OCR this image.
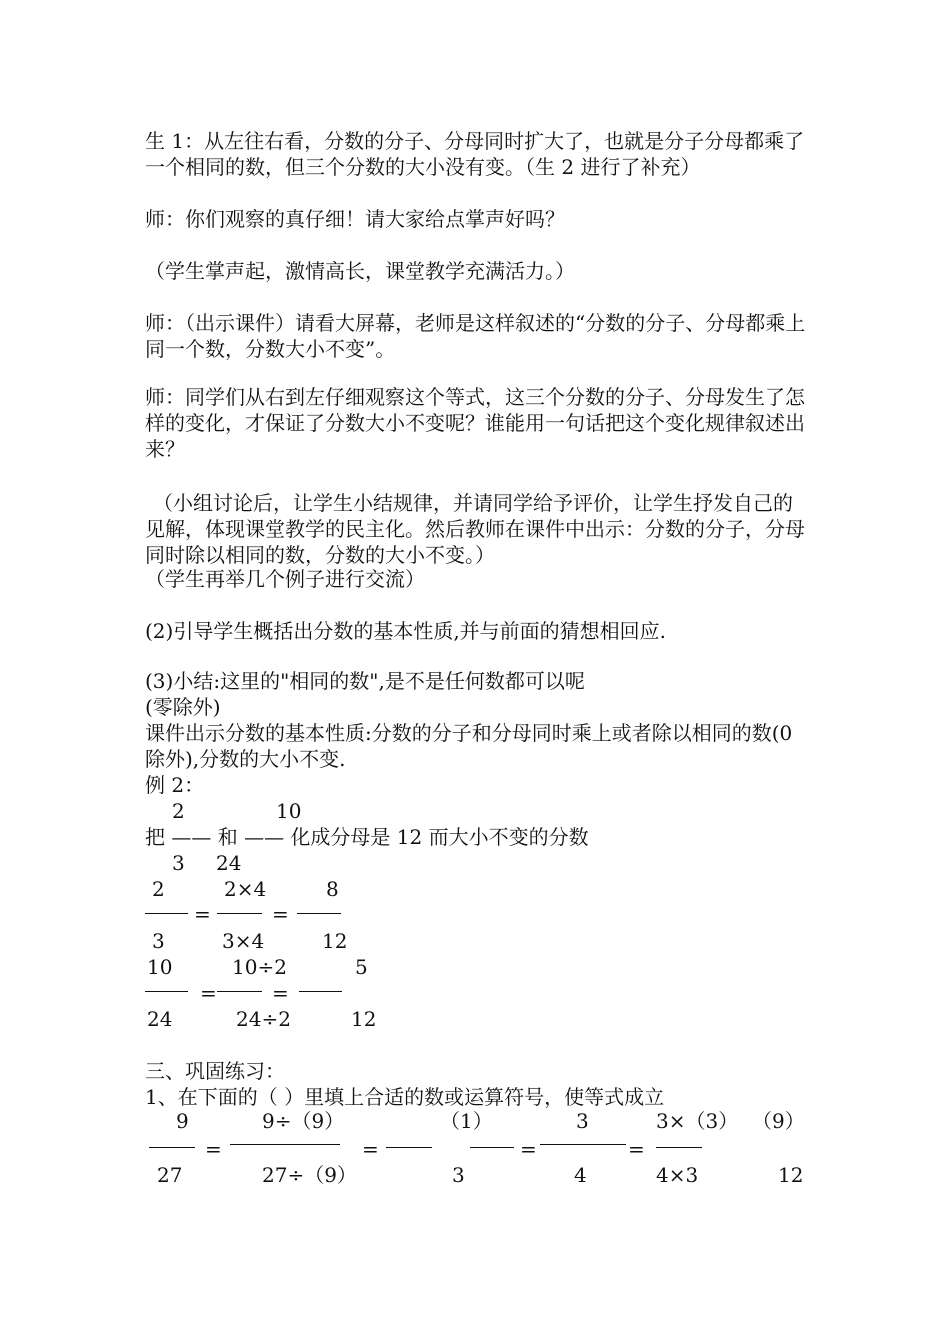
生 1：从左往右看，分数的分子、分母同时扩大了，也就是分子分母都乘了一个相同的数，但三个分数的大小没有变。（生 2 进行了补充）

师：你们观察的真仔细！请大家给点掌声好吗？

（学生掌声起，激情高长，课堂教学充满活力。）

师：（出示课件）请看大屏幕，老师是这样叙述的“分数的分子、分母都乘上同一个数，分数大小不变”。

师：同学们从右到左仔细观察这个等式，这三个分数的分子、分母发生了怎样的变化，才保证了分数大小不变呢？谁能用一句话把这个变化规律叙述出来？

（小组讨论后，让学生小结规律，并请同学给予评价，让学生抒发自己的见解，体现课堂教学的民主化。然后教师在课件中出示：分数的分子，分母同时除以相同的数，分数的大小不变。）

（学生再举几个例子进行交流）

(2)引导学生概括出分数的基本性质,并与前面的猜想相回应.

(3)小结:这里的"相同的数",是不是任何数都可以呢

(零除外)

课件出示分数的基本性质:分数的分子和分母同时乘上或者除以相同的数(0 除外),分数的大小不变.

例 2：

2	10
把 —— 和 —— 化成分母是 12 而大小不变的分数
3 24
2	2×4	8
=	=
3	3×4	12
10	10÷2	5
=	=
24	24÷2	12
三、巩固练习：
1、在下面的（ ）里填上合适的数或运算符号，使等式成立
9	9÷（9）	（1）	3	3×（3） （9）
=	=	=	=
27	27÷（9）	3	4	4×3	12
